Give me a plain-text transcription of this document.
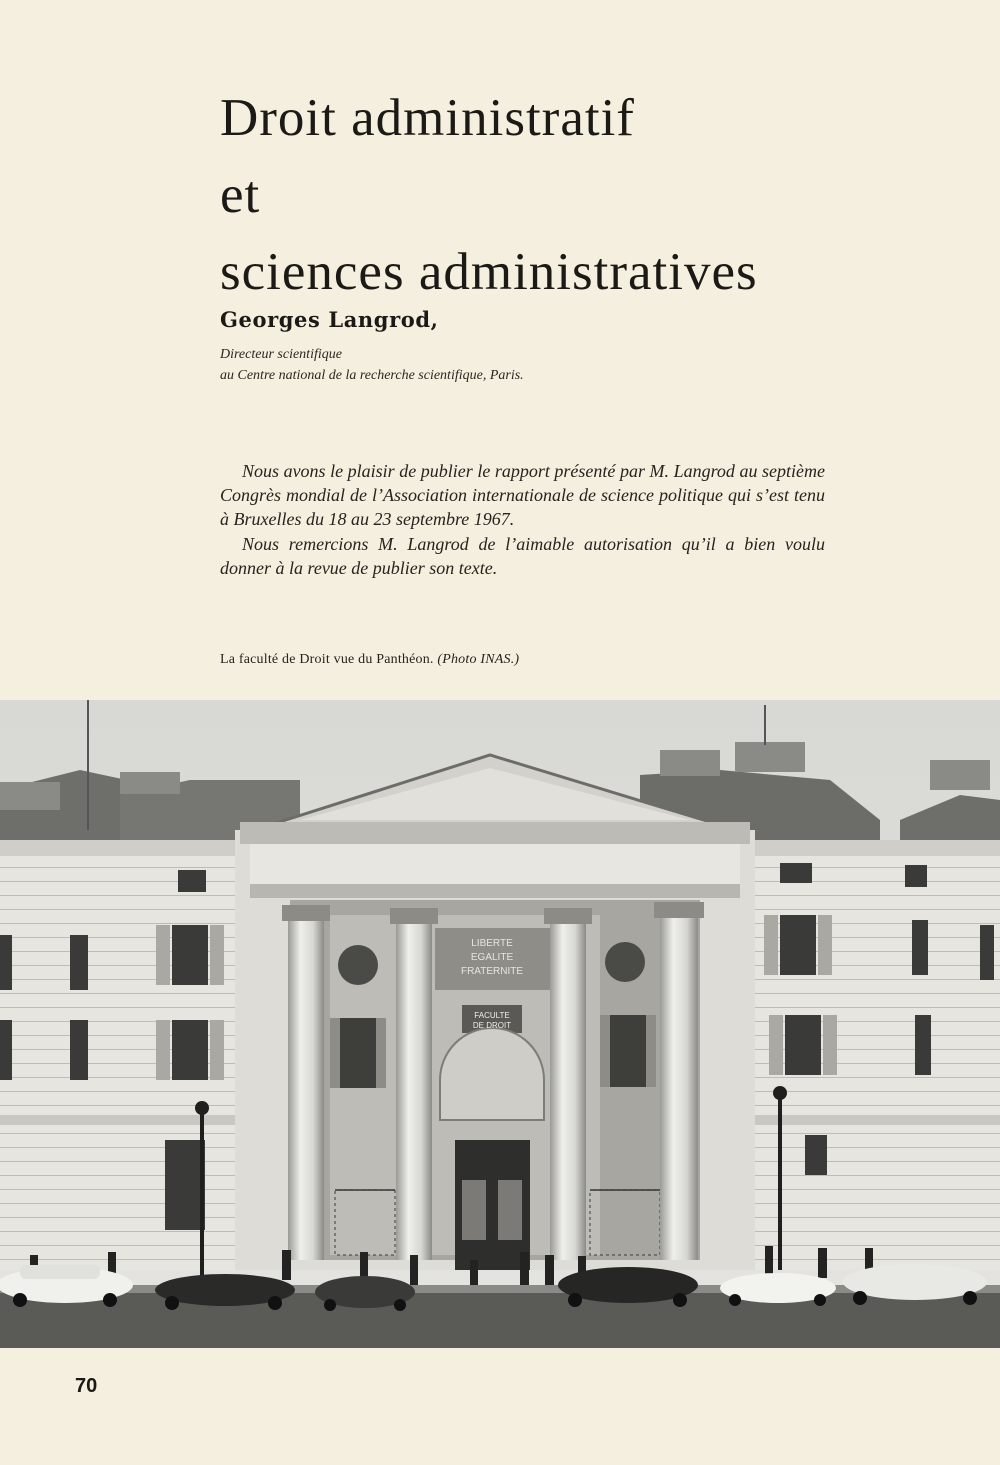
Droit administratif
et
sciences administratives
Georges Langrod,
Directeur scientifique
au Centre national de la recherche scientifique, Paris.

Nous avons le plaisir de publier le rapport présenté par M. Langrod au septième Congrès mondial de l’Association internationale de science politique qui s’est tenu à Bruxelles du 18 au 23 septembre 1967.

Nous remercions M. Langrod de l’aimable autorisation qu’il a bien voulu donner à la revue de publier son texte.

La faculté de Droit vue du Panthéon. (Photo INAS.)
LIBERTE
EGALITE
FRATERNITE
FACULTE
DE DROIT
70
